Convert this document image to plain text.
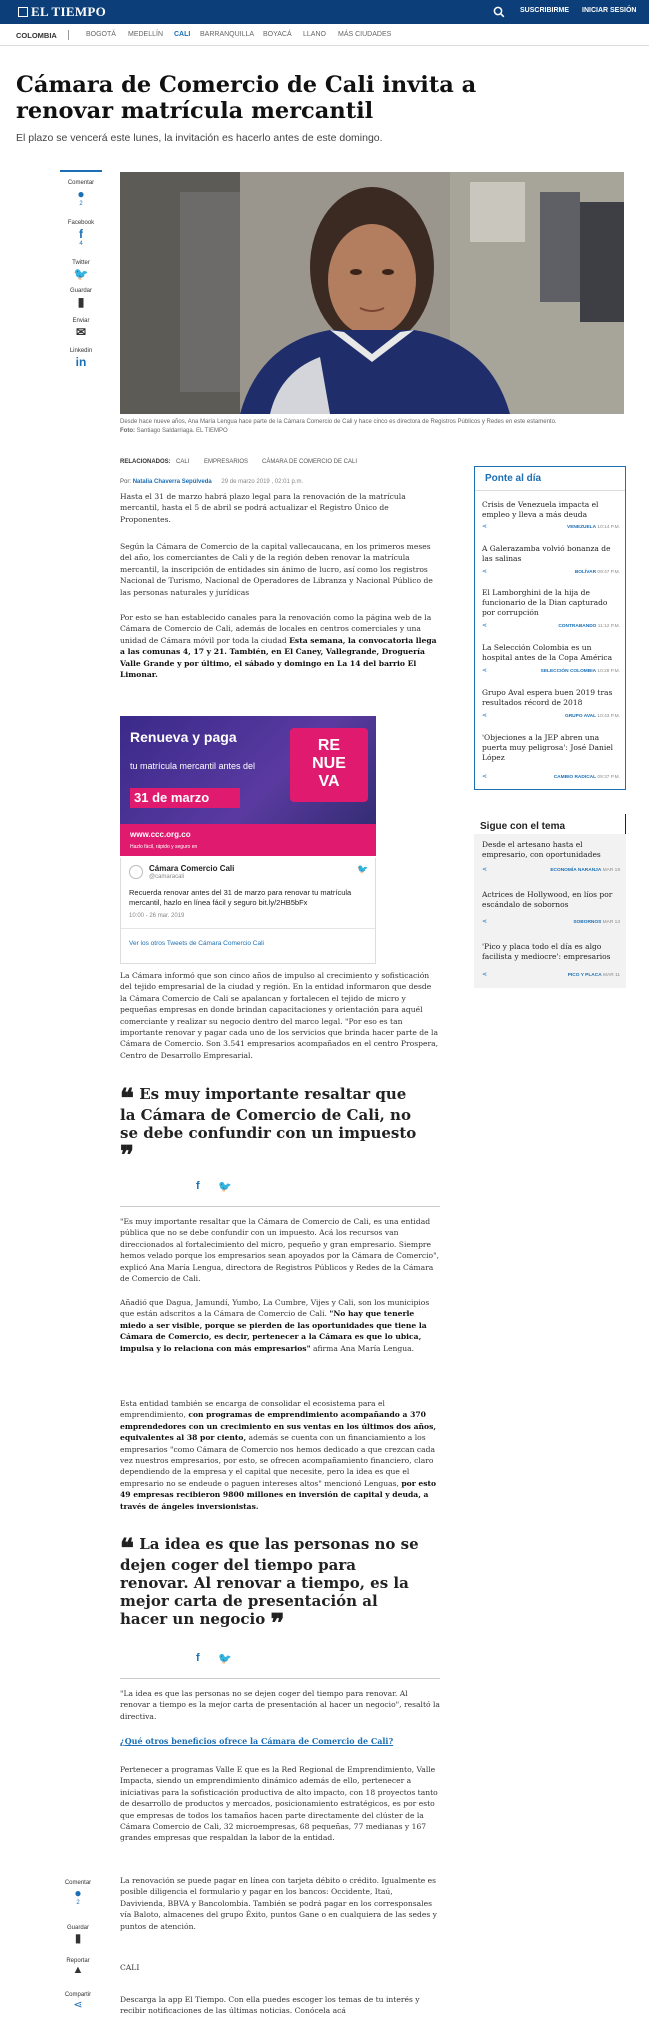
EL TIEMPO	SUSCRIBIRME INICIAR SESIÓN
COLOMBIA	BOGOTÁ MEDELLÍN CALI BARRANQUILLA BOYACÁ LLANO MÁS CIUDADES
Cámara de Comercio de Cali invita a renovar matrícula mercantil

El plazo se vencerá este lunes, la invitación es hacerlo antes de este domingo.

Comentar
●
2
Facebook
f
4
Twitter
🐦
Guardar
▮
Enviar
✉
Linkedin
in
Desde hace nueve años, Ana María Lengua hace parte de la Cámara Comercio de Cali y hace cinco es directora de Registros Públicos y Redes en este estamento.
Foto: Santiago Saldarriaga. EL TIEMPO
RELACIONADOS: CALI EMPRESARIOS CÁMARA DE COMERCIO DE CALI
Por: Natalia Chaverra Sepúlveda 29 de marzo 2019 , 02:01 p.m.

Hasta el 31 de marzo habrá plazo legal para la renovación de la matrícula mercantil, hasta el 5 de abril se podrá actualizar el Registro Único de Proponentes.

Según la Cámara de Comercio de la capital vallecaucana, en los primeros meses del año, los comerciantes de Cali y de la región deben renovar la matrícula mercantil, la inscripción de entidades sin ánimo de lucro, así como los registros Nacional de Turismo, Nacional de Operadores de Libranza y Nacional Público de las personas naturales y jurídicas

Por esto se han establecido canales para la renovación como la página web de la Cámara de Comercio de Cali, además de locales en centros comerciales y una unidad de Cámara móvil por toda la ciudad Esta semana, la convocatoria llega a las comunas 4, 17 y 21. También, en El Caney, Vallegrande, Droguería Valle Grande y por último, el sábado y domingo en La 14 del barrio El Limonar.

Renueva y paga
tu matrícula mercantil antes del
31 de marzo
RE
NUE
VA
Hazlo fácil, rápido y seguro en
www.ccc.org.co
Cámara Comercio Cali
@camaracali
🐦
Recuerda renovar antes del 31 de marzo para renovar tu matrícula mercantil, hazlo en línea fácil y seguro bit.ly/2HB5bFx
10:00 - 26 mar. 2019
Ver los otros Tweets de Cámara Comercio Cali

La Cámara informó que son cinco años de impulso al crecimiento y sofisticación del tejido empresarial de la ciudad y región. En la entidad informaron que desde la Cámara Comercio de Cali se apalancan y fortalecen el tejido de micro y pequeñas empresas en donde brindan capacitaciones y orientación para aquél comerciante y realizar su negocio dentro del marco legal. "Por eso es tan importante renovar y pagar cada uno de los servicios que brinda hacer parte de la Cámara de Comercio. Son 3.541 empresarios acompañados en el centro Prospera, Centro de Desarrollo Empresarial.

❝ Es muy importante resaltar que la Cámara de Comercio de Cali, no se debe confundir con un impuesto ❞
f 🐦

"Es muy importante resaltar que la Cámara de Comercio de Cali, es una entidad pública que no se debe confundir con un impuesto. Acá los recursos van direccionados al fortalecimiento del micro, pequeño y gran empresario. Siempre hemos velado porque los empresarios sean apoyados por la Cámara de Comercio", explicó Ana María Lengua, directora de Registros Públicos y Redes de la Cámara de Comercio de Cali.

Añadió que Dagua, Jamundí, Yumbo, La Cumbre, Vijes y Cali, son los municipios que están adscritos a la Cámara de Comercio de Cali. "No hay que tenerle miedo a ser visible, porque se pierden de las oportunidades que tiene la Cámara de Comercio, es decir, pertenecer a la Cámara es que lo ubica, impulsa y lo relaciona con más empresarios" afirma Ana María Lengua.

Esta entidad también se encarga de consolidar el ecosistema para el emprendimiento, con programas de emprendimiento acompañando a 370 emprendedores con un crecimiento en sus ventas en los últimos dos años, equivalentes al 38 por ciento, además se cuenta con un financiamiento a los empresarios "como Cámara de Comercio nos hemos dedicado a que crezcan cada vez nuestros empresarios, por esto, se ofrecen acompañamiento financiero, claro dependiendo de la empresa y el capital que necesite, pero la idea es que el empresario no se endeude o paguen intereses altos" mencionó Lenguas, por esto 49 empresas recibieron 9800 millones en inversión de capital y deuda, a través de ángeles inversionistas.

❝ La idea es que las personas no se dejen coger del tiempo para renovar. Al renovar a tiempo, es la mejor carta de presentación al hacer un negocio ❞
f 🐦

"La idea es que las personas no se dejen coger del tiempo para renovar. Al renovar a tiempo es la mejor carta de presentación al hacer un negocio", resaltó la directiva.

¿Qué otros beneficios ofrece la Cámara de Comercio de Cali?

Pertenecer a programas Valle E que es la Red Regional de Emprendimiento, Valle Impacta, siendo un emprendimiento dinámico además de ello, pertenecer a iniciativas para la sofisticación productiva de alto impacto, con 18 proyectos tanto de desarrollo de productos y mercados, posicionamiento estratégicos, es por esto que empresas de todos los tamaños hacen parte directamente del clúster de la Cámara Comercio de Cali, 32 microempresas, 68 pequeñas, 77 medianas y 167 grandes empresas que respaldan la labor de la entidad.

La renovación se puede pagar en línea con tarjeta débito o crédito. Igualmente es posible diligencia el formulario y pagar en los bancos: Occidente, Itaú, Davivienda, BBVA y Bancolombia. También se podrá pagar en los corresponsales vía Baloto, almacenes del grupo Éxito, puntos Gane o en cualquiera de las sedes y puntos de atención.

CALI

Descarga la app El Tiempo. Con ella puedes escoger los temas de tu interés y recibir notificaciones de las últimas noticias. Conócela acá

Comentar
●
2
Guardar
▮
Reportar
▲
Compartir
⋖
Ponte al día
Crisis de Venezuela impacta el empleo y lleva a más deuda
⋖	VENEZUELA 10:14 P.M.
A Galerazamba volvió bonanza de las salinas
⋖	BOLÍVAR 09:47 P.M.
El Lamborghini de la hija de funcionario de la Dian capturado por corrupción
⋖	CONTRABANDO 11:12 P.M.
La Selección Colombia es un hospital antes de la Copa América
⋖	SELECCIÓN COLOMBIA 10:28 P.M.
Grupo Aval espera buen 2019 tras resultados récord de 2018
⋖	GRUPO AVAL 10:43 P.M.
'Objeciones a la JEP abren una puerta muy peligrosa': José Daniel López
⋖	CAMBIO RADICAL 09:37 P.M.
Sigue con el tema
Desde el artesano hasta el empresario, con oportunidades
⋖	ECONOMÍA NARANJA MAR 19
Actrices de Hollywood, en líos por escándalo de sobornos
⋖	SOBORNOS MAR 13
'Pico y placa todo el día es algo facilista y mediocre': empresarios
⋖	PICO Y PLACA MAR 11
